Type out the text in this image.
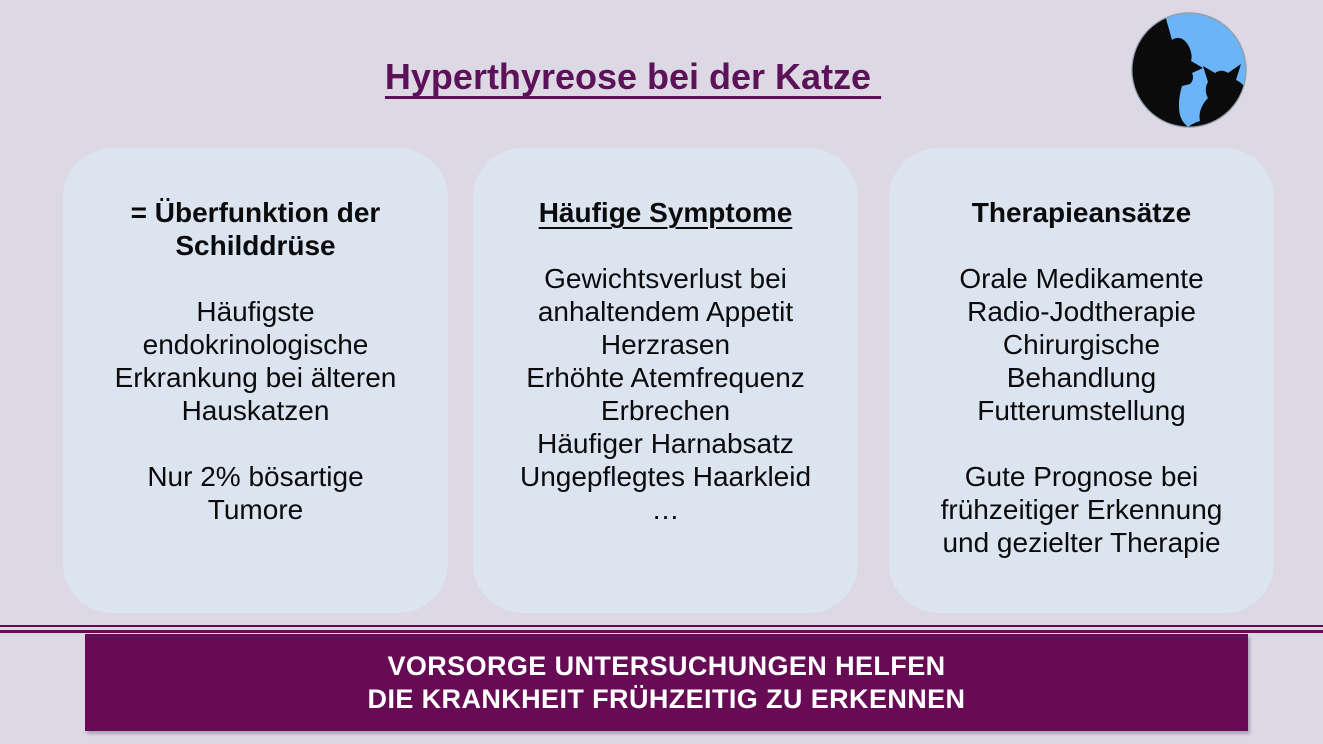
Hyperthyreose bei der Katze
= Überfunktion der
Schilddrüse
Häufigste
endokrinologische
Erkrankung bei älteren
Hauskatzen
Nur 2% bösartige
Tumore
Häufige Symptome
Gewichtsverlust bei
anhaltendem Appetit
Herzrasen
Erhöhte Atemfrequenz
Erbrechen
Häufiger Harnabsatz
Ungepflegtes Haarkleid
…
Therapieansätze
Orale Medikamente
Radio-Jodtherapie
Chirurgische
Behandlung
Futterumstellung
Gute Prognose bei
frühzeitiger Erkennung
und gezielter Therapie
VORSORGE UNTERSUCHUNGEN HELFEN
DIE KRANKHEIT FRÜHZEITIG ZU ERKENNEN
